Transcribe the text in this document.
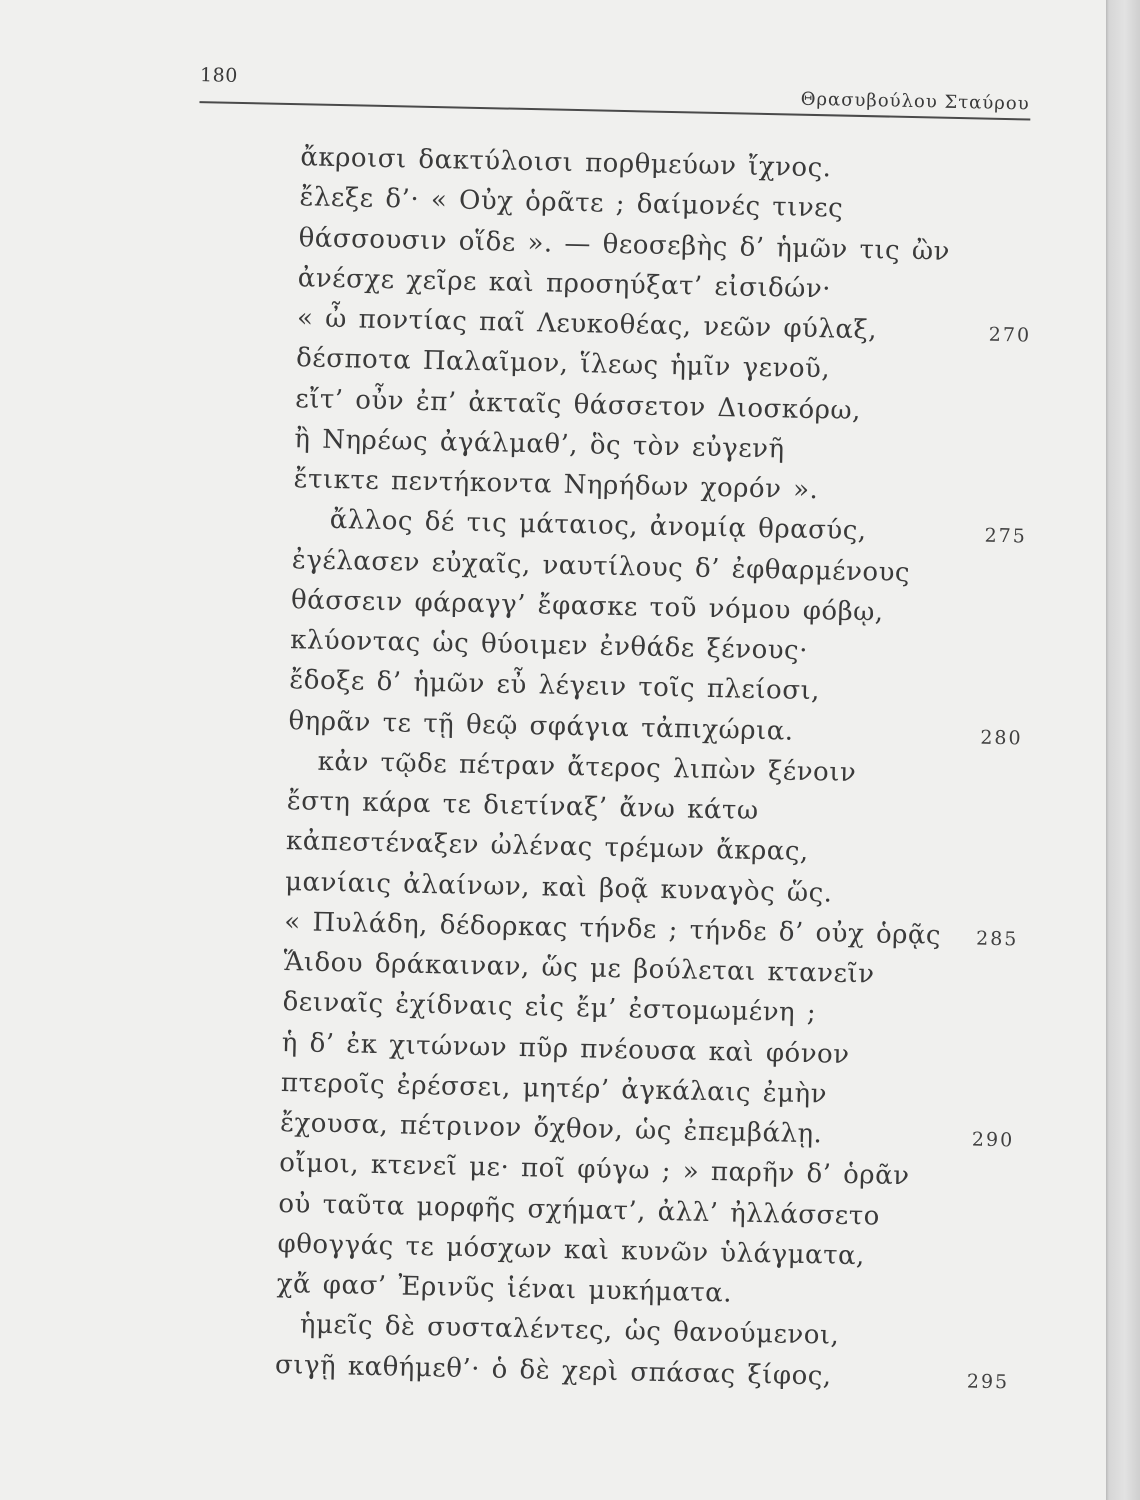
180
Θρασυβούλου Σταύρου
ἄκροισι δακτύλοισι πορθμεύων ἴχνος.
ἔλεξε δ’· « Οὐχ ὁρᾶτε ; δαίμονές τινες
θάσσουσιν οἵδε ». — θεοσεβὴς δ’ ἡμῶν τις ὢν
ἀνέσχε χεῖρε καὶ προσηύξατ’ εἰσιδών·
« ὦ ποντίας παῖ Λευκοθέας, νεῶν φύλαξ,	270
δέσποτα Παλαῖμον, ἵλεως ἡμῖν γενοῦ,
εἴτ’ οὖν ἐπ’ ἀκταῖς θάσσετον Διοσκόρω,
ἢ Νηρέως ἀγάλμαθ’, ὃς τὸν εὐγενῆ
ἔτικτε πεντήκοντα Νηρήδων χορόν ».
ἄλλος δέ τις μάταιος, ἀνομίᾳ θρασύς,	275
ἐγέλασεν εὐχαῖς, ναυτίλους δ’ ἐφθαρμένους
θάσσειν φάραγγ’ ἔφασκε τοῦ νόμου φόβῳ,
κλύοντας ὡς θύοιμεν ἐνθάδε ξένους·
ἔδοξε δ’ ἡμῶν εὖ λέγειν τοῖς πλείοσι,
θηρᾶν τε τῇ θεῷ σφάγια τἀπιχώρια.	280
κἀν τῷδε πέτραν ἄτερος λιπὼν ξένοιν
ἔστη κάρα τε διετίναξ’ ἄνω κάτω
κἀπεστέναξεν ὠλένας τρέμων ἄκρας,
μανίαις ἀλαίνων, καὶ βοᾷ κυναγὸς ὥς.
« Πυλάδη, δέδορκας τήνδε ; τήνδε δ’ οὐχ ὁρᾷς 285
Ἅιδου δράκαιναν, ὥς με βούλεται κτανεῖν
δειναῖς ἐχίδναις εἰς ἔμ’ ἐστομωμένη ;
ἡ δ’ ἐκ χιτώνων πῦρ πνέουσα καὶ φόνον
πτεροῖς ἐρέσσει, μητέρ’ ἀγκάλαις ἐμὴν
ἔχουσα, πέτρινον ὄχθον, ὡς ἐπεμβάλῃ.	290
οἴμοι, κτενεῖ με· ποῖ φύγω ; » παρῆν δ’ ὁρᾶν
οὐ ταῦτα μορφῆς σχήματ’, ἀλλ’ ἠλλάσσετο
φθογγάς τε μόσχων καὶ κυνῶν ὑλάγματα,
χἄ φασ’ Ἐρινῦς ἱέναι μυκήματα.
ἡμεῖς δὲ συσταλέντες, ὡς θανούμενοι,
σιγῇ καθήμεθ’· ὁ δὲ χερὶ σπάσας ξίφος,	295
